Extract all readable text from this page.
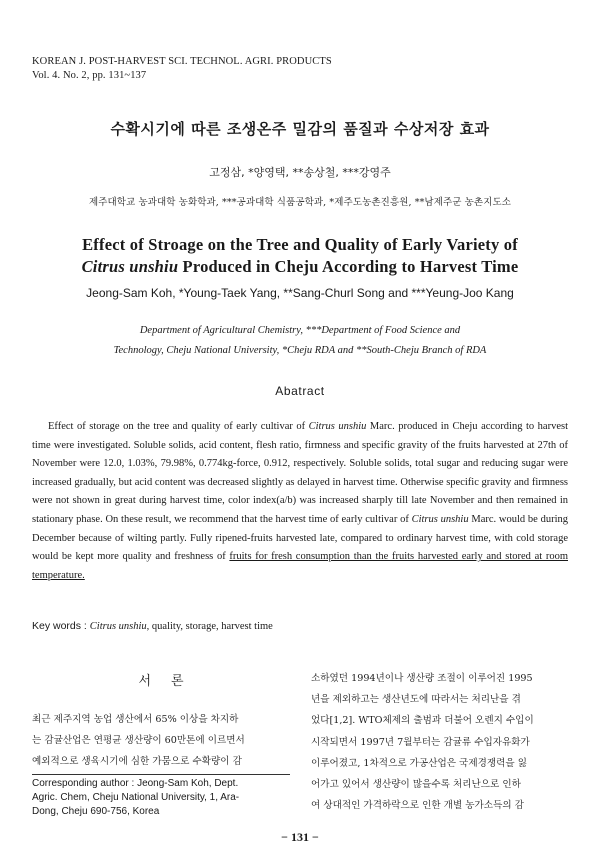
KOREAN J. POST-HARVEST SCI. TECHNOL. AGRI. PRODUCTS
Vol. 4. No. 2, pp. 131~137
수확시기에 따른 조생온주 밀감의 품질과 수상저장 효과
고정삼, *양영택, **송상철, ***강영주
제주대학교 농과대학 농화학과, ***공과대학 식품공학과, *제주도농촌진흥원, **남제주군 농촌지도소
Effect of Stroage on the Tree and Quality of Early Variety of
Citrus unshiu Produced in Cheju According to Harvest Time
Jeong-Sam Koh, *Young-Taek Yang, **Sang-Churl Song and ***Yeung-Joo Kang
Department of Agricultural Chemistry, ***Department of Food Science and
Technology, Cheju National University, *Cheju RDA and **South-Cheju Branch of RDA
Abatract

Effect of storage on the tree and quality of early cultivar of Citrus unshiu Marc. produced in Cheju according to harvest time were investigated. Soluble solids, acid content, flesh ratio, firmness and specific gravity of the fruits harvested at 27th of November were 12.0, 1.03%, 79.98%, 0.774kg-force, 0.912, respectively. Soluble solids, total sugar and reducing sugar were increased gradually, but acid content was decreased slightly as delayed in harvest time. Otherwise specific gravity and firmness were not shown in great during harvest time, color index(a/b) was increased sharply till late November and then remained in stationary phase. On these result, we recommend that the harvest time of early cultivar of Citrus unshiu Marc. would be during December because of wilting partly. Fully ripened-fruits harvested late, compared to ordinary harvest time, with cold storage would be kept more quality and freshness of fruits for fresh consumption than the fruits harvested early and stored at room temperature.

Key words : Citrus unshiu, quality, storage, harvest time
서론
최근 제주지역 농업 생산에서 65% 이상을 차지하
는 감귤산업은 연평균 생산량이 60만톤에 이르면서
예외적으로 생육시기에 심한 가뭄으로 수확량이 감
Corresponding author : Jeong-Sam Koh, Dept.
Agric. Chem, Cheju National University, 1, Ara-
Dong, Cheju 690-756, Korea
소하였던 1994년이나 생산량 조절이 이루어진 1995
년을 제외하고는 생산년도에 따라서는 처리난을 겪
었다[1,2]. WTO체제의 출범과 더불어 오렌지 수입이
시작되면서 1997년 7월부터는 감귤류 수입자유화가
이루어졌고, 1차적으로 가공산업은 국제경쟁력을 잃
어가고 있어서 생산량이 많을수록 처리난으로 인하
여 상대적인 가격하락으로 인한 개별 농가소득의 감
− 131 −
